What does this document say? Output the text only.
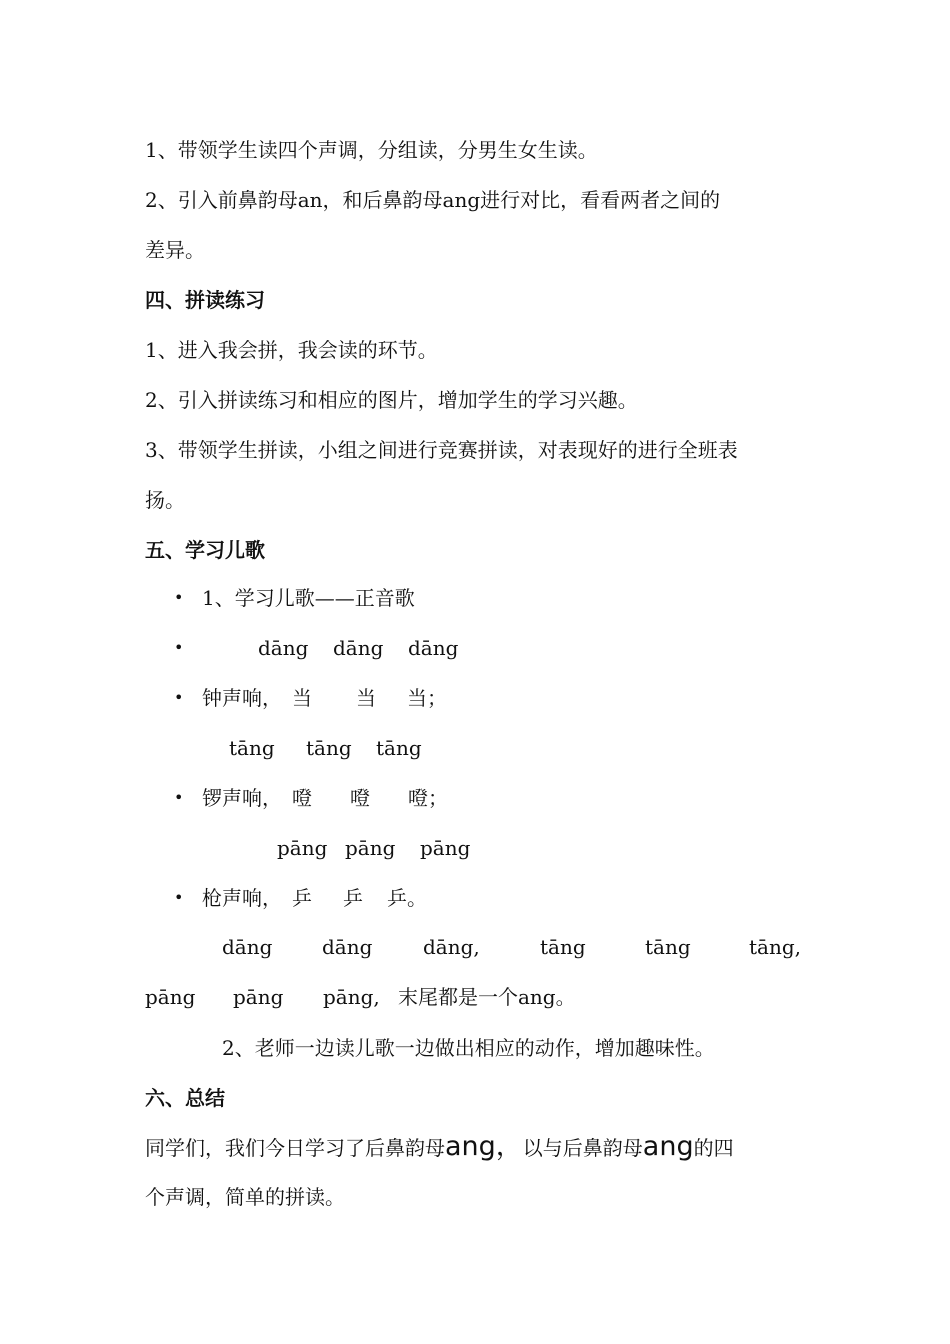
1、带领学生读四个声调，分组读，分男生女生读。
2、引入前鼻韵母an，和后鼻韵母ang进行对比，看看两者之间的
差异。
四、拼读练习
1、进入我会拼，我会读的环节。
2、引入拼读练习和相应的图片，增加学生的学习兴趣。
3、带领学生拼读，小组之间进行竞赛拼读，对表现好的进行全班表
扬。
五、学习儿歌
• 1、学习儿歌——正音歌
•	dāng dāng dāng
• 钟声响， 当 当 当；
tāng tāng tāng
• 锣声响， 噔 噔 噔；
pāng pāng pāng
• 枪声响， 乒 乒 乒。
dāng dāng	dāng,	tāng	tāng	tāng,
pāng pāng pāng, 末尾都是一个ang。
2、老师一边读儿歌一边做出相应的动作，增加趣味性。
六、总结
同学们，我们今日学习了后鼻韵母ang，以与后鼻韵母ang的四
个声调，简单的拼读。
